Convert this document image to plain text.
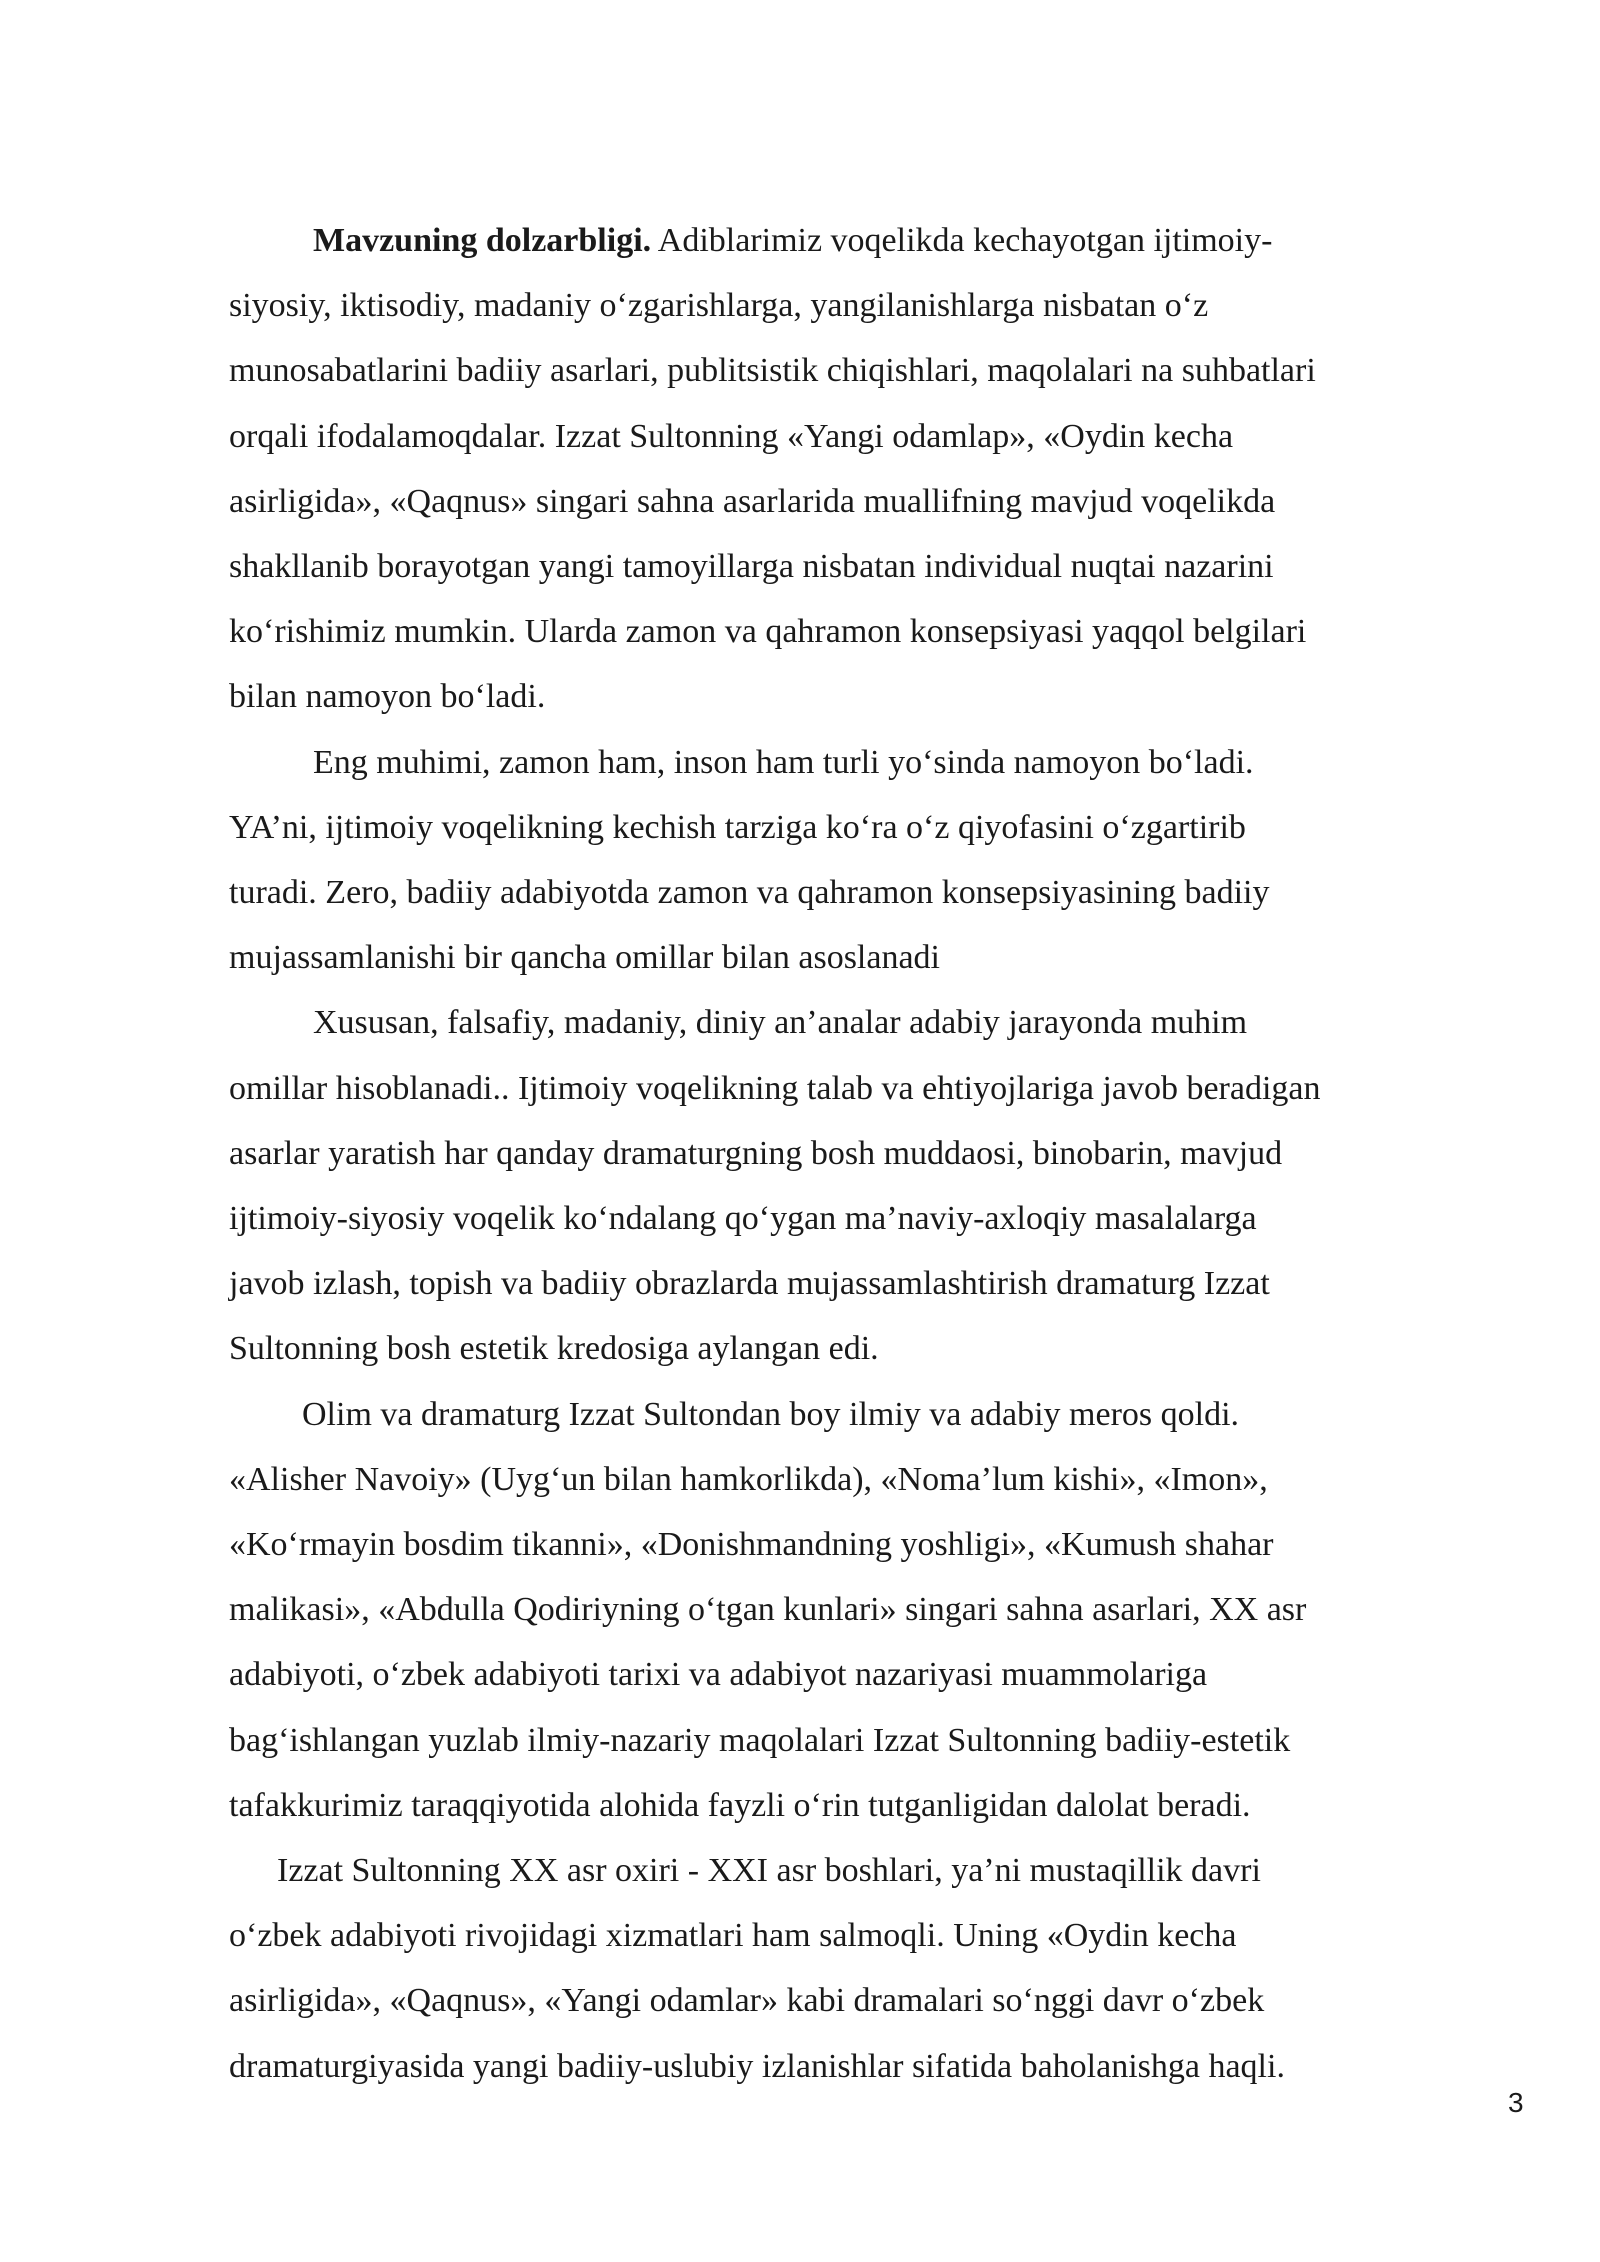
Mavzuning dolzarbligi. Adiblarimiz voqelikda kechayotgan ijtimoiy-
siyosiy, iktisodiy, madaniy o‘zgarishlarga, yangilanishlarga nisbatan o‘z
munosabatlarini badiiy asarlari, publitsistik chiqishlari, maqolalari na suhbatlari
orqali ifodalamoqdalar. Izzat Sultonning «Yangi odamlap», «Oydin kecha
asirligida», «Qaqnus» singari sahna asarlarida muallifning mavjud voqelikda
shakllanib borayotgan yangi tamoyillarga nisbatan individual nuqtai nazarini
ko‘rishimiz mumkin. Ularda zamon va qahramon konsepsiyasi yaqqol belgilari
bilan namoyon bo‘ladi.
Eng muhimi, zamon ham, inson ham turli yo‘sinda namoyon bo‘ladi.
YA’ni, ijtimoiy voqelikning kechish tarziga ko‘ra o‘z qiyofasini o‘zgartirib
turadi. Zero, badiiy adabiyotda zamon va qahramon konsepsiyasining badiiy
mujassamlanishi bir qancha omillar bilan asoslanadi
Xususan, falsafiy, madaniy, diniy an’analar adabiy jarayonda muhim
omillar hisoblanadi.. Ijtimoiy voqelikning talab va ehtiyojlariga javob beradigan
asarlar yaratish har qanday dramaturgning bosh muddaosi, binobarin, mavjud
ijtimoiy-siyosiy voqelik ko‘ndalang qo‘ygan ma’naviy-axloqiy masalalarga
javob izlash, topish va badiiy obrazlarda mujassamlashtirish dramaturg Izzat
Sultonning bosh estetik kredosiga aylangan edi.
Olim va dramaturg Izzat Sultondan boy ilmiy va adabiy meros qoldi.
«Alisher Navoiy» (Uyg‘un bilan hamkorlikda), «Noma’lum kishi», «Imon»,
«Ko‘rmayin bosdim tikanni», «Donishmandning yoshligi», «Kumush shahar
malikasi», «Abdulla Qodiriyning o‘tgan kunlari» singari sahna asarlari, XX asr
adabiyoti, o‘zbek adabiyoti tarixi va adabiyot nazariyasi muammolariga
bag‘ishlangan yuzlab ilmiy-nazariy maqolalari Izzat Sultonning badiiy-estetik
tafakkurimiz taraqqiyotida alohida fayzli o‘rin tutganligidan dalolat beradi.
Izzat Sultonning XX asr oxiri - XXI asr boshlari, ya’ni mustaqillik davri
o‘zbek adabiyoti rivojidagi xizmatlari ham salmoqli. Uning «Oydin kecha
asirligida», «Qaqnus», «Yangi odamlar» kabi dramalari so‘nggi davr o‘zbek
dramaturgiyasida yangi badiiy-uslubiy izlanishlar sifatida baholanishga haqli.
3
